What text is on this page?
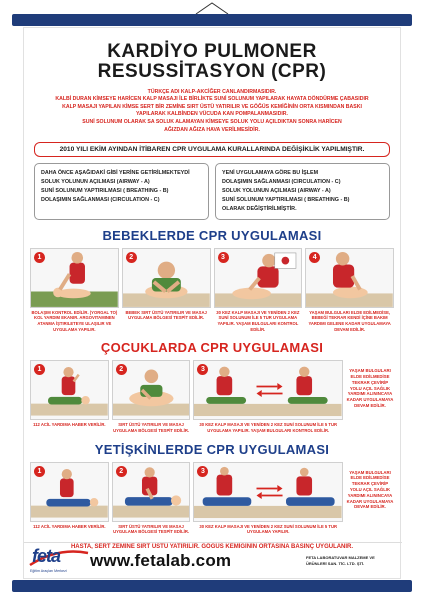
KARDİYO PULMONER
RESUSSİTASYON (CPR)
TÜRKÇE ADI KALP-AKCİĞER CANLANDIRMASIDIR.
KALBİ DURAN KİMSEYE HARİCEN KALP MASAJI İLE BİRLİKTE SUNİ SOLUNUM YAPILARAK HAYATA DÖNDÜRME ÇABASIDIR
KALP MASAJI YAPILAN KİMSE SERT BİR ZEMİNE SIRT ÜSTÜ YATIRILIR VE GÖĞÜS KEMİĞİNİN ORTA KISMINDAN BASKI
YAPILARAK KALBİNDEN VÜCUDA KAN POMPALANMASIDIR.
SUNİ SOLUNUM OLARAK SA SOLUK ALAMAYAN KİMSEYE SOLUK YOLU AÇILDIKTAN SONRA HARİCEN
AĞIZDAN AĞIZA HAVA VERİLMESİDİR.
2010 YILI EKİM AYINDAN İTİBAREN CPR UYGULAMA KURALLARINDA DEĞİŞİKLİK YAPILMIŞTIR.
DAHA ÖNCE AŞAĞIDAKİ GİBİ YERİNE GETİRİLMEKTEYDİ
SOLUK YOLUNUN AÇILMASI (AIRWAY - A)
SUNİ SOLUNUM YAPTIRILMASI ( BREATHING - B)
DOLAŞIMIN SAĞLANMASI (CIRCULATION - C)
YENİ UYGULAMAYA GÖRE BU İŞLEM
DOLAŞIMIN SAĞLANMASI (CIRCULATION - C)
SOLUK YOLUNUN AÇILMASI (AIRWAY - A)
SUNİ SOLUNUM YAPTIRILMASI ( BREATHING - B)
OLARAK DEĞİŞTİRİLMİŞTİR.
BEBEKLERDE CPR UYGULAMASI
1
BOLAŞIM KONTROL EDİLİR. (YORGAL TO) KOL YARDIM EKANIR. ARGOVITAMINEN ATANMA İŞTIRILETEYE ULAŞILIR VE UYGULAMA YAPILIR.
2
BEBEK SIRT ÜSTÜ YATIRILIR VE MASAJ UYGULAMA BÖLGESİ TESPİT EDİLİR.
3
30 KEZ KALP MASAJI VE YENİDEN 2 KEZ SUNİ SOLUNUM İLE 5 TUR UYGULAMA YAPILIR. YAŞAM BULGULARI KONTROL EDİLİR.
4
YAŞAM BULGULARI ELDE EDİLMEDİSE, BEBEĞİ TEKRAR KENDİ İÇİNE BAKIM YARDIMI GELENE KADAR UYGULAMAYA DEVAM EDİLİR.
ÇOCUKLARDA CPR UYGULAMASI
1
112 ACİL YARDIMA HABER VERİLİR.
2
SIRT ÜSTÜ YATIRILIR VE MASAJ UYGULAMA BÖLGESİ TESPİT EDİLİR.
3
30 KEZ KALP MASAJI VE YENİDEN 2 KEZ SUNİ SOLUNUM İLE 5 TUR UYGULAMA YAPILIR. YAŞAM BULGULARI KONTROL EDİLİR.
YAŞAM BULGULARI ELDE EDİLMEDİSE TEKRAR ÇEVİRİP YOLU AÇIL SAĞLIK YARDIMI ALININCAYA KADAR UYGULAMAYA DEVAM EDİLİR.
YETİŞKİNLERDE CPR UYGULAMASI
1
112 ACİL YARDIMA HABER VERİLİR.
2
SIRT ÜSTÜ YATIRILIR VE MASAJ UYGULAMA BÖLGESİ TESPİT EDİLİR.
3
30 KEZ KALP MASAJI VE YENİDEN 2 KEZ SUNİ SOLUNUM İLE 5 TUR UYGULAMA YAPILIR.
YAŞAM BULGULARI ELDE EDİLMEDİSE TEKRAR ÇEVİRİP YOLU AÇIL SAĞLIK YARDIMI ALININCAYA KADAR UYGULAMAYA DEVAM EDİLİR.
HASTA, SERT ZEMİNE SIRT ÜSTÜ YATIRILIR. GÖĞÜS KEMİĞİNİN ORTASINA BASINÇ UYGULANIR.
feta
Eğitim Araçları Merkezi
www.fetalab.com	FETA LABORATUVAR MALZEME VE
ÜRÜNLERİ SAN. TİC. LTD. ŞTİ.
